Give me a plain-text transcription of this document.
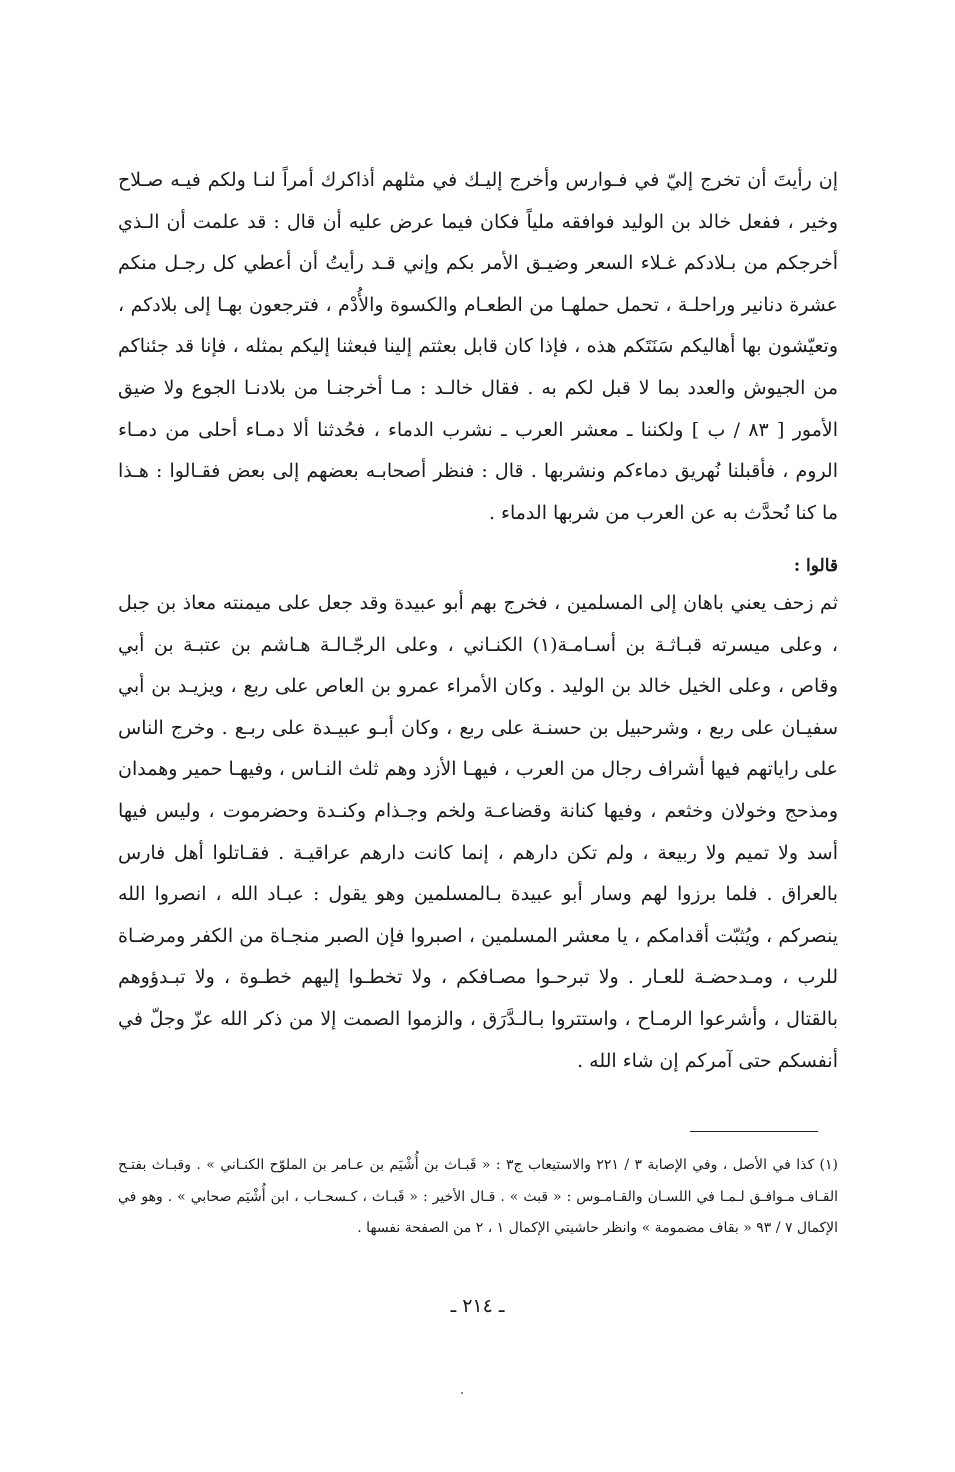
إن رأيتَ أن تخرج إليّ في فـوارس وأخرج إليـك في مثلهم أذاكرك أمراً لنـا ولكم فيـه صـلاح وخير ، ففعل خالد بن الوليد فوافقه ملياً فكان فيما عرض عليه أن قال : قد علمت أن الـذي أخرجكم من بـلادكم غـلاء السعر وضيـق الأمر بكم وإني قـد رأيتُ أن أعطي كل رجـل منكم عشرة دنانير وراحلـة ، تحمل حملهـا من الطعـام والكسوة والأُدْم ، فترجعون بهـا إلى بلادكم ، وتعيّشون بها أهاليكم سَنَتَكم هذه ، فإذا كان قابل بعثتم إلينا فبعثنا إليكم بمثله ، فإنا قد جئناكم من الجيوش والعدد بما لا قبل لكم به . فقال خالـد : مـا أخرجنـا من بلادنـا الجوع ولا ضيق الأمور [ ٨٣ / ب ] ولكننا ـ معشر العرب ـ نشرب الدماء ، فحُدثنا ألا دمـاء أحلى من دمـاء الروم ، فأقبلنا نُهريق دماءكم ونشربها . قال : فنظر أصحابـه بعضهم إلى بعض فقـالوا : هـذا ما كنا نُحدَّث به عن العرب من شربها الدماء .

قالوا :

ثم زحف يعني باهان إلى المسلمين ، فخرج بهم أبو عبيدة وقد جعل على ميمنته معاذ بن جبل ، وعلى ميسرته قبـاثـة بن أسـامـة(١) الكنـاني ، وعلى الرجّـالـة هـاشم بن عتبـة بن أبي وقاص ، وعلى الخيل خالد بن الوليد . وكان الأمراء عمرو بن العاص على ربع ، ويزيـد بن أبي سفيـان على ربع ، وشرحبيل بن حسنـة على ربع ، وكان أبـو عبيـدة على ربـع . وخرج الناس على راياتهم فيها أشراف رجال من العرب ، فيهـا الأزد وهم ثلث النـاس ، وفيهـا حمير وهمدان ومذحج وخولان وخثعم ، وفيها كنانة وقضاعـة ولخم وجـذام وكنـدة وحضرموت ، وليس فيها أسد ولا تميم ولا ربيعة ، ولم تكن دارهم ، إنما كانت دارهم عراقيـة . فقـاتلوا أهل فارس بالعراق . فلما برزوا لهم وسار أبو عبيدة بـالمسلمين وهو يقول : عبـاد الله ، انصروا الله ينصركم ، ويُثبّت أقدامكم ، يا معشر المسلمين ، اصبروا فإن الصبر منجـاة من الكفر ومرضـاة للرب ، ومـدحضـة للعـار . ولا تبرحـوا مصـافكم ، ولا تخطـوا إليهم خطـوة ، ولا تبـدؤوهم بالقتال ، وأشرعوا الرمـاح ، واستتروا بـالـدَّرَق ، والزموا الصمت إلا من ذكر الله عزّ وجلّ في أنفسكم حتى آمركم إن شاء الله .

(١) كذا في الأصل ، وفي الإصابة ٣ / ٢٢١ والاستيعاب ج٣ : « قَبـاث بن أُشْيَم بن عـامر بن الملوّح الكنـاني » . وقبـاث بفتـح القـاف مـوافـق لـمـا في اللسـان والقـامـوس : « قبث » . قـال الأخير : « قَبـاث ، كـسحـاب ، ابن أُشْيَم صحابي » . وهو في الإكمال ٧ / ٩٣ « بقاف مضمومة » وانظر حاشيتي الإكمال ١ ، ٢ من الصفحة نفسها .

ـ ٢١٤ ـ
